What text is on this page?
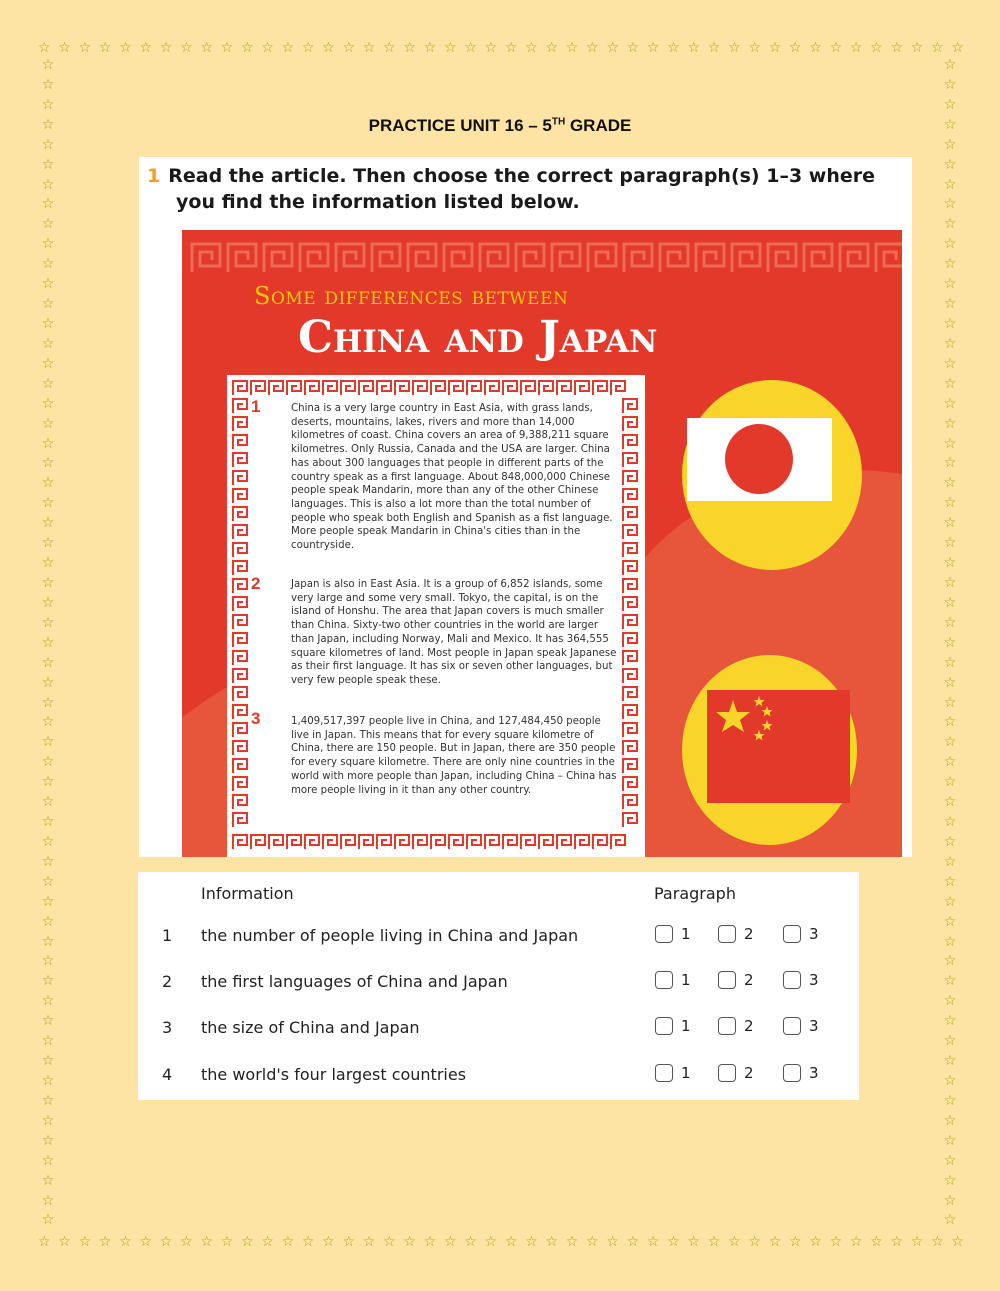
☆ ☆ ☆ ☆ ☆ ☆ ☆ ☆ ☆ ☆ ☆ ☆ ☆ ☆ ☆ ☆ ☆ ☆ ☆ ☆ ☆ ☆ ☆ ☆ ☆ ☆ ☆ ☆ ☆ ☆ ☆ ☆ ☆ ☆ ☆ ☆ ☆ ☆ ☆ ☆ ☆ ☆ ☆ ☆ ☆ ☆
☆ ☆ ☆ ☆ ☆ ☆ ☆ ☆ ☆ ☆ ☆ ☆ ☆ ☆ ☆ ☆ ☆ ☆ ☆ ☆ ☆ ☆ ☆ ☆ ☆ ☆ ☆ ☆ ☆ ☆ ☆ ☆ ☆ ☆ ☆ ☆ ☆ ☆ ☆ ☆ ☆ ☆ ☆ ☆ ☆ ☆
☆
☆
☆
☆
☆
☆
☆
☆
☆
☆
☆
☆
☆
☆
☆
☆
☆
☆
☆
☆
☆
☆
☆
☆
☆
☆
☆
☆
☆
☆
☆
☆
☆
☆
☆
☆
☆
☆
☆
☆
☆
☆
☆
☆
☆
☆
☆
☆
☆
☆
☆
☆
☆
☆
☆
☆
☆
☆
☆
☆
☆
☆
☆
☆
☆
☆
☆
☆
☆
☆
☆
☆
☆
☆
☆
☆
☆
☆
☆
☆
☆
☆
☆
☆
☆
☆
☆
☆
☆
☆
☆
☆
☆
☆
☆
☆
☆
☆
☆
☆
☆
☆
☆
☆
☆
☆
☆
☆
☆
☆
☆
☆
☆
☆
☆
☆
☆
☆
PRACTICE UNIT 16 – 5TH GRADE
1 Read the article. Then choose the correct paragraph(s) 1–3 where
you find the information listed below.
Some differences between
China and Japan
1	China is a very large country in East Asia, with grass lands, deserts, mountains, lakes, rivers and more than 14,000 kilometres of coast. China covers an area of 9,388,211 square kilometres. Only Russia, Canada and the USA are larger. China has about 300 languages that people in different parts of the country speak as a first language. About 848,000,000 Chinese people speak Mandarin, more than any of the other Chinese languages. This is also a lot more than the total number of people who speak both English and Spanish as a fist language. More people speak Mandarin in China's cities than in the countryside.
2	Japan is also in East Asia. It is a group of 6,852 islands, some very large and some very small. Tokyo, the capital, is on the island of Honshu. The area that Japan covers is much smaller than China. Sixty-two other countries in the world are larger than Japan, including Norway, Mali and Mexico. It has 364,555 square kilometres of land. Most people in Japan speak Japanese as their first language. It has six or seven other languages, but very few people speak these.
3	1,409,517,397 people live in China, and 127,484,450 people live in Japan. This means that for every square kilometre of China, there are 150 people. But in Japan, there are 350 people for every square kilometre. There are only nine countries in the world with more people than Japan, including China – China has more people living in it than any other country.
Information	Paragraph
1 the number of people living in China and Japan	1	2	3
2 the first languages of China and Japan	1	2	3
3 the size of China and Japan	1	2	3
4 the world's four largest countries	1	2	3
